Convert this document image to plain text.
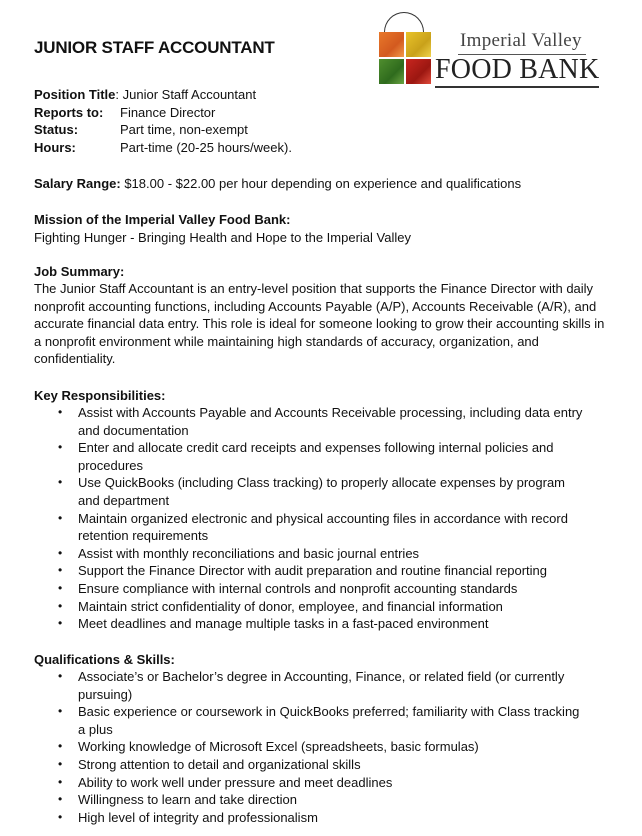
JUNIOR STAFF ACCOUNTANT	Imperial Valley
FOOD BANK
Position Title: Junior Staff Accountant
Reports to: Finance Director
Status:	Part time, non-exempt
Hours:	Part-time (20-25 hours/week).
Salary Range: $18.00 - $22.00 per hour depending on experience and qualifications
Mission of the Imperial Valley Food Bank:
Fighting Hunger - Bringing Health and Hope to the Imperial Valley
Job Summary:
The Junior Staff Accountant is an entry-level position that supports the Finance Director with daily nonprofit accounting functions, including Accounts Payable (A/P), Accounts Receivable (A/R), and accurate financial data entry. This role is ideal for someone looking to grow their accounting skills in a nonprofit environment while maintaining high standards of accuracy, organization, and confidentiality.
Key Responsibilities:
• Assist with Accounts Payable and Accounts Receivable processing, including data entry and documentation
• Enter and allocate credit card receipts and expenses following internal policies and procedures
• Use QuickBooks (including Class tracking) to properly allocate expenses by program and department
• Maintain organized electronic and physical accounting files in accordance with record retention requirements
• Assist with monthly reconciliations and basic journal entries
• Support the Finance Director with audit preparation and routine financial reporting
• Ensure compliance with internal controls and nonprofit accounting standards
• Maintain strict confidentiality of donor, employee, and financial information
• Meet deadlines and manage multiple tasks in a fast-paced environment
Qualifications & Skills:
• Associate’s or Bachelor’s degree in Accounting, Finance, or related field (or currently pursuing)
• Basic experience or coursework in QuickBooks preferred; familiarity with Class tracking a plus
• Working knowledge of Microsoft Excel (spreadsheets, basic formulas)
• Strong attention to detail and organizational skills
• Ability to work well under pressure and meet deadlines
• Willingness to learn and take direction
• High level of integrity and professionalism
